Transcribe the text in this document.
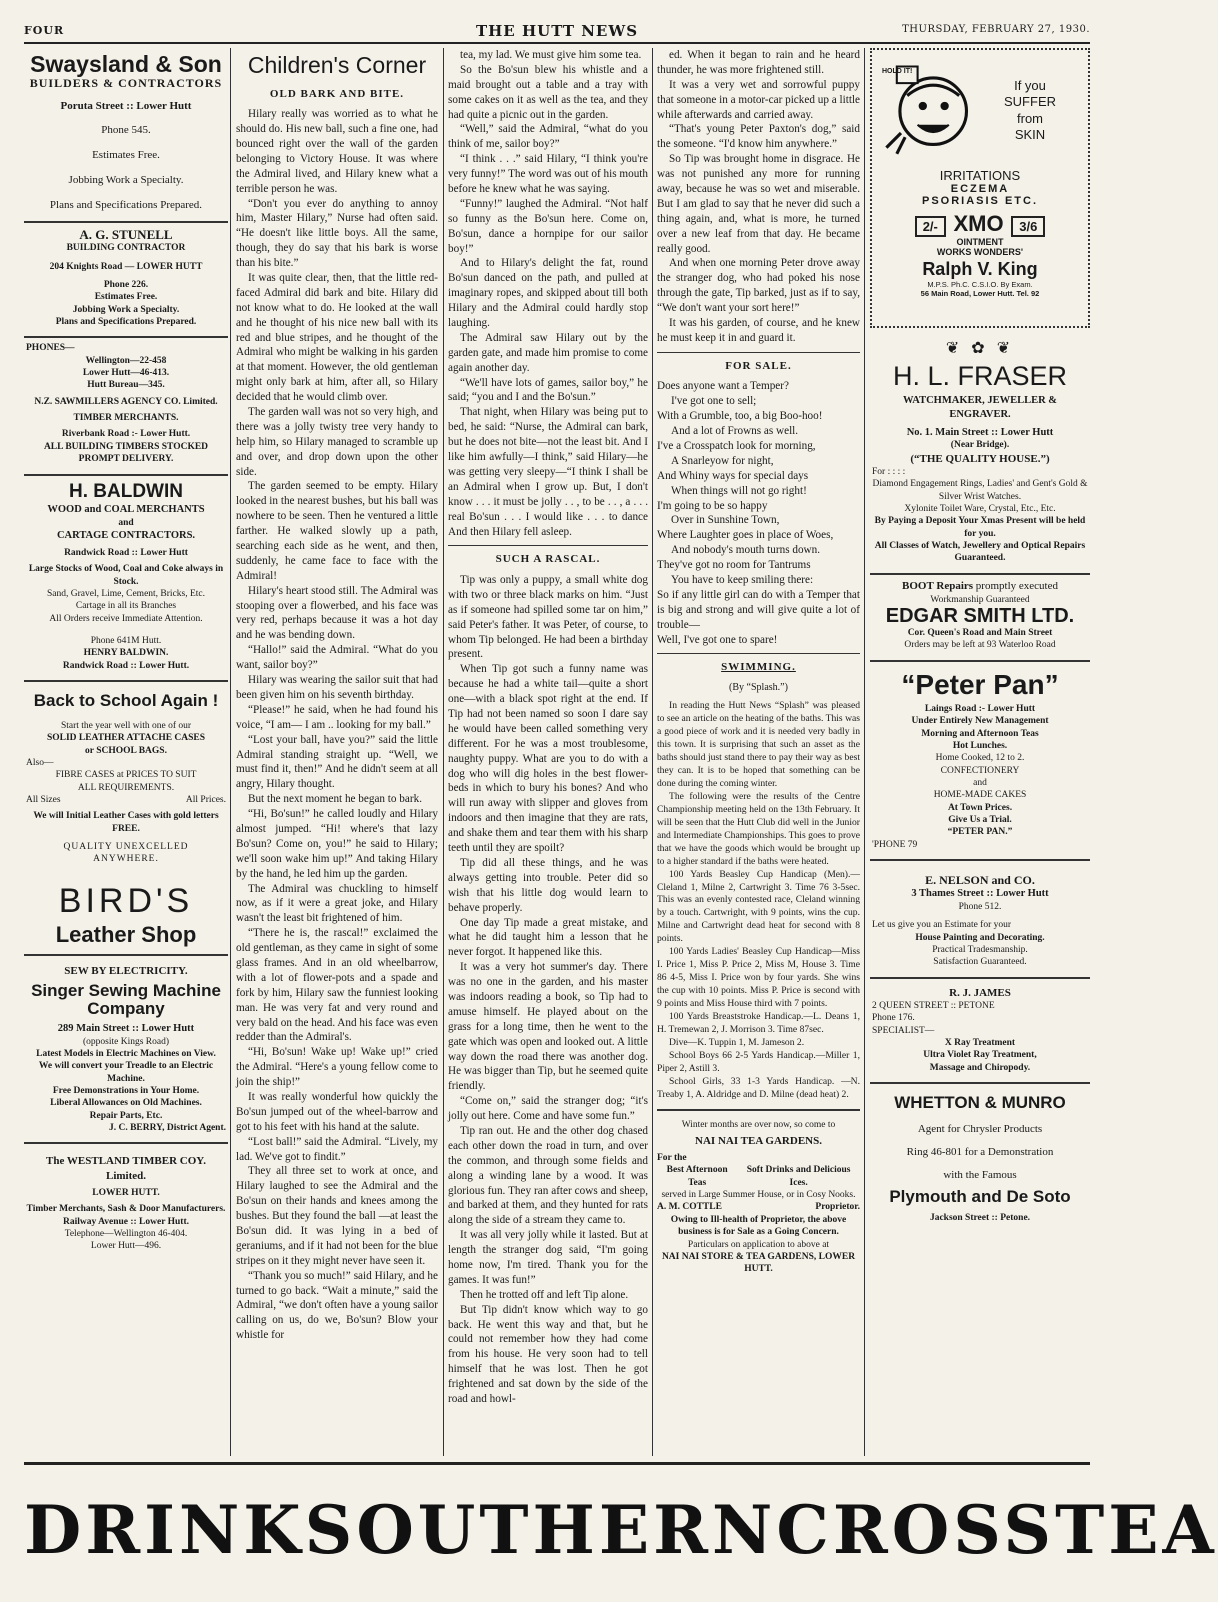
FOUR	THE HUTT NEWS	THURSDAY, FEBRUARY 27, 1930.
Swaysland & Son
BUILDERS & CONTRACTORS
Poruta Street :: Lower Hutt
Phone 545.
Estimates Free.
Jobbing Work a Specialty.
Plans and Specifications Prepared.
A. G. STUNELL
BUILDING CONTRACTOR
204 Knights Road — LOWER HUTT
Phone 226.
Estimates Free.
Jobbing Work a Specialty.
Plans and Specifications Prepared.
PHONES—
Wellington—22-458
Lower Hutt—46-413.
Hutt Bureau—345.
N.Z. SAWMILLERS AGENCY CO. Limited.
TIMBER MERCHANTS.
Riverbank Road :- Lower Hutt.
ALL BUILDING TIMBERS STOCKED
PROMPT DELIVERY.
H. BALDWIN
WOOD and COAL MERCHANTS
and
CARTAGE CONTRACTORS.
Randwick Road :: Lower Hutt
Large Stocks of Wood, Coal and Coke always in Stock.
Sand, Gravel, Lime, Cement, Bricks, Etc.
Cartage in all its Branches
All Orders receive Immediate Attention.
Phone 641M Hutt.
HENRY BALDWIN.
Randwick Road :: Lower Hutt.
Back to School Again !
Start the year well with one of our
SOLID LEATHER ATTACHE CASES
or SCHOOL BAGS.
Also—
FIBRE CASES at PRICES TO SUIT
ALL REQUIREMENTS.
All Sizes	All Prices.
We will Initial Leather Cases with gold letters FREE.
QUALITY UNEXCELLED
ANYWHERE.
BIRD'S
Leather Shop
SEW BY ELECTRICITY.
Singer Sewing Machine Company
289 Main Street :: Lower Hutt
(opposite Kings Road)
Latest Models in Electric Machines on View.
We will convert your Treadle to an Electric Machine.
Free Demonstrations in Your Home.
Liberal Allowances on Old Machines.
Repair Parts, Etc.
J. C. BERRY, District Agent.
The WESTLAND TIMBER COY. Limited.
LOWER HUTT.
Timber Merchants, Sash & Door Manufacturers.
Railway Avenue :: Lower Hutt.
Telephone—Wellington 46-404.
Lower Hutt—496.
Children's Corner
OLD BARK AND BITE.

Hilary really was worried as to what he should do. His new ball, such a fine one, had bounced right over the wall of the garden belonging to Victory House. It was where the Admiral lived, and Hilary knew what a terrible person he was.

“Don't you ever do anything to annoy him, Master Hilary,” Nurse had often said. “He doesn't like little boys. All the same, though, they do say that his bark is worse than his bite.”

It was quite clear, then, that the little red-faced Admiral did bark and bite. Hilary did not know what to do. He looked at the wall and he thought of his nice new ball with its red and blue stripes, and he thought of the Admiral who might be walking in his garden at that moment. However, the old gentleman might only bark at him, after all, so Hilary decided that he would climb over.

The garden wall was not so very high, and there was a jolly twisty tree very handy to help him, so Hilary managed to scramble up and over, and drop down upon the other side.

The garden seemed to be empty. Hilary looked in the nearest bushes, but his ball was nowhere to be seen. Then he ventured a little farther. He walked slowly up a path, searching each side as he went, and then, suddenly, he came face to face with the Admiral!

Hilary's heart stood still. The Admiral was stooping over a flowerbed, and his face was very red, perhaps because it was a hot day and he was bending down.

“Hallo!” said the Admiral. “What do you want, sailor boy?”

Hilary was wearing the sailor suit that had been given him on his seventh birthday.

“Please!” he said, when he had found his voice, “I am— I am .. looking for my ball.”

“Lost your ball, have you?” said the little Admiral standing straight up. “Well, we must find it, then!” And he didn't seem at all angry, Hilary thought.

But the next moment he began to bark.

“Hi, Bo'sun!” he called loudly and Hilary almost jumped. “Hi! where's that lazy Bo'sun? Come on, you!” he said to Hilary; we'll soon wake him up!” And taking Hilary by the hand, he led him up the garden.

The Admiral was chuckling to himself now, as if it were a great joke, and Hilary wasn't the least bit frightened of him.

“There he is, the rascal!” exclaimed the old gentleman, as they came in sight of some glass frames. And in an old wheelbarrow, with a lot of flower-pots and a spade and fork by him, Hilary saw the funniest looking man. He was very fat and very round and very bald on the head. And his face was even redder than the Admiral's.

“Hi, Bo'sun! Wake up! Wake up!” cried the Admiral. “Here's a young fellow come to join the ship!”

It was really wonderful how quickly the Bo'sun jumped out of the wheel-barrow and got to his feet with his hand at the salute.

“Lost ball!” said the Admiral. “Lively, my lad. We've got to findit.”

They all three set to work at once, and Hilary laughed to see the Admiral and the Bo'sun on their hands and knees among the bushes. But they found the ball —at least the Bo'sun did. It was lying in a bed of geraniums, and if it had not been for the blue stripes on it they might never have seen it.

“Thank you so much!” said Hilary, and he turned to go back. “Wait a minute,” said the Admiral, “we don't often have a young sailor calling on us, do we, Bo'sun? Blow your whistle for

tea, my lad. We must give him some tea.

So the Bo'sun blew his whistle and a maid brought out a table and a tray with some cakes on it as well as the tea, and they had quite a picnic out in the garden.

“Well,” said the Admiral, “what do you think of me, sailor boy?”

“I think . . .” said Hilary, “I think you're very funny!” The word was out of his mouth before he knew what he was saying.

“Funny!” laughed the Admiral. “Not half so funny as the Bo'sun here. Come on, Bo'sun, dance a hornpipe for our sailor boy!”

And to Hilary's delight the fat, round Bo'sun danced on the path, and pulled at imaginary ropes, and skipped about till both Hilary and the Admiral could hardly stop laughing.

The Admiral saw Hilary out by the garden gate, and made him promise to come again another day.

“We'll have lots of games, sailor boy,” he said; “you and I and the Bo'sun.”

That night, when Hilary was being put to bed, he said: “Nurse, the Admiral can bark, but he does not bite—not the least bit. And I like him awfully—I think,” said Hilary—he was getting very sleepy—“I think I shall be an Admiral when I grow up. But, I don't know . . . it must be jolly . . , to be . . , a . . . real Bo'sun . . . I would like . . . to dance And then Hilary fell asleep.

SUCH A RASCAL.

Tip was only a puppy, a small white dog with two or three black marks on him. “Just as if someone had spilled some tar on him,” said Peter's father. It was Peter, of course, to whom Tip belonged. He had been a birthday present.

When Tip got such a funny name was because he had a white tail—quite a short one—with a black spot right at the end. If Tip had not been named so soon I dare say he would have been called something very different. For he was a most troublesome, naughty puppy. What are you to do with a dog who will dig holes in the best flower-beds in which to bury his bones? And who will run away with slipper and gloves from indoors and then imagine that they are rats, and shake them and tear them with his sharp teeth until they are spoilt?

Tip did all these things, and he was always getting into trouble. Peter did so wish that his little dog would learn to behave properly.

One day Tip made a great mistake, and what he did taught him a lesson that he never forgot. It happened like this.

It was a very hot summer's day. There was no one in the garden, and his master was indoors reading a book, so Tip had to amuse himself. He played about on the grass for a long time, then he went to the gate which was open and looked out. A little way down the road there was another dog. He was bigger than Tip, but he seemed quite friendly.

“Come on,” said the stranger dog; “it's jolly out here. Come and have some fun.”

Tip ran out. He and the other dog chased each other down the road in turn, and over the common, and through some fields and along a winding lane by a wood. It was glorious fun. They ran after cows and sheep, and barked at them, and they hunted for rats along the side of a stream they came to.

It was all very jolly while it lasted. But at length the stranger dog said, “I'm going home now, I'm tired. Thank you for the games. It was fun!”

Then he trotted off and left Tip alone.

But Tip didn't know which way to go back. He went this way and that, but he could not remember how they had come from his house. He very soon had to tell himself that he was lost. Then he got frightened and sat down by the side of the road and howl-

ed. When it began to rain and he heard thunder, he was more frightened still.

It was a very wet and sorrowful puppy that someone in a motor-car picked up a little while afterwards and carried away.

“That's young Peter Paxton's dog,” said the someone. “I'd know him anywhere.”

So Tip was brought home in disgrace. He was not punished any more for running away, because he was so wet and miserable. But I am glad to say that he never did such a thing again, and, what is more, he turned over a new leaf from that day. He became really good.

And when one morning Peter drove away the stranger dog, who had poked his nose through the gate, Tip barked, just as if to say, “We don't want your sort here!”

It was his garden, of course, and he knew he must keep it in and guard it.

FOR SALE.

Does anyone want a Temper?

I've got one to sell;

With a Grumble, too, a big Boo-hoo!

And a lot of Frowns as well.

I've a Crosspatch look for morning,

A Snarleyow for night,

And Whiny ways for special days

When things will not go right!

I'm going to be so happy

Over in Sunshine Town,

Where Laughter goes in place of Woes,

And nobody's mouth turns down.

They've got no room for Tantrums

You have to keep smiling there:

So if any little girl can do with a Temper that is big and strong and will give quite a lot of trouble—

Well, I've got one to spare!

SWIMMING.
(By “Splash.”)

In reading the Hutt News “Splash” was pleased to see an article on the heating of the baths. This was a good piece of work and it is needed very badly in this town. It is surprising that such an asset as the baths should just stand there to pay their way as best they can. It is to be hoped that something can be done during the coming winter.

The following were the results of the Centre Championship meeting held on the 13th February. It will be seen that the Hutt Club did well in the Junior and Intermediate Championships. This goes to prove that we have the goods which would be brought up to a higher standard if the baths were heated.

100 Yards Beasley Cup Handicap (Men).—Cleland 1, Milne 2, Cartwright 3. Time 76 3-5sec. This was an evenly contested race, Cleland winning by a touch. Cartwright, with 9 points, wins the cup. Milne and Cartwright dead heat for second with 8 points.

100 Yards Ladies' Beasley Cup Handicap—Miss I. Price 1, Miss P. Price 2, Miss M, House 3. Time 86 4-5, Miss I. Price won by four yards. She wins the cup with 10 points. Miss P. Price is second with 9 points and Miss House third with 7 points.

100 Yards Breaststroke Handicap.—L. Deans 1, H. Tremewan 2, J. Morrison 3. Time 87sec.

Dive—K. Tuppin 1, M. Jameson 2.

School Boys 66 2-5 Yards Handicap.—Miller 1, Piper 2, Astill 3.

School Girls, 33 1-3 Yards Handicap. —N. Treaby 1, A. Aldridge and D. Milne (dead heat) 2.

Winter months are over now, so come to
NAI NAI TEA GARDENS.
For the
Best Afternoon Teas
Soft Drinks and Delicious Ices.
served in Large Summer House, or in Cosy Nooks.
A. M. COTTLE	Proprietor.
Owing to Ill-health of Proprietor, the above business is for Sale as a Going Concern.
Particulars on application to above at
NAI NAI STORE & TEA GARDENS, LOWER HUTT.
HOLD IT!
If you
SUFFER
from
SKIN
IRRITATIONS
ECZEMA
PSORIASIS ETC.
2/- XMO 3/6
OINTMENT
WORKS WONDERS'
Ralph V. King
M.P.S. Ph.C. C.S.I.O. By Exam.
56 Main Road, Lower Hutt. Tel. 92
❦ ✿ ❦
H. L. FRASER
WATCHMAKER, JEWELLER & ENGRAVER.
No. 1. Main Street :: Lower Hutt
(Near Bridge).
(“THE QUALITY HOUSE.”)
For : : : :
Diamond Engagement Rings, Ladies' and Gent's Gold & Silver Wrist Watches.
Xylonite Toilet Ware, Crystal, Etc., Etc.
By Paying a Deposit Your Xmas Present will be held for you.
All Classes of Watch, Jewellery and Optical Repairs Guaranteed.
BOOT Repairs promptly executed
Workmanship Guaranteed
EDGAR SMITH LTD.
Cor. Queen's Road and Main Street
Orders may be left at 93 Waterloo Road
“Peter Pan”
Laings Road :- Lower Hutt
Under Entirely New Management
Morning and Afternoon Teas
Hot Lunches.
Home Cooked, 12 to 2.
CONFECTIONERY
and
HOME-MADE CAKES
At Town Prices.
Give Us a Trial.
“PETER PAN.”
'PHONE 79
E. NELSON and CO.
3 Thames Street :: Lower Hutt
Phone 512.
Let us give you an Estimate for your
House Painting and Decorating.
Practical Tradesmanship.
Satisfaction Guaranteed.
R. J. JAMES
2 QUEEN STREET :: PETONE
Phone 176.
SPECIALIST—
X Ray Treatment
Ultra Violet Ray Treatment,
Massage and Chiropody.
WHETTON & MUNRO
Agent for Chrysler Products
Ring 46-801 for a Demonstration
with the Famous
Plymouth and De Soto
Jackson Street :: Petone.
DRINK SOUTHERN CROSS TEA
